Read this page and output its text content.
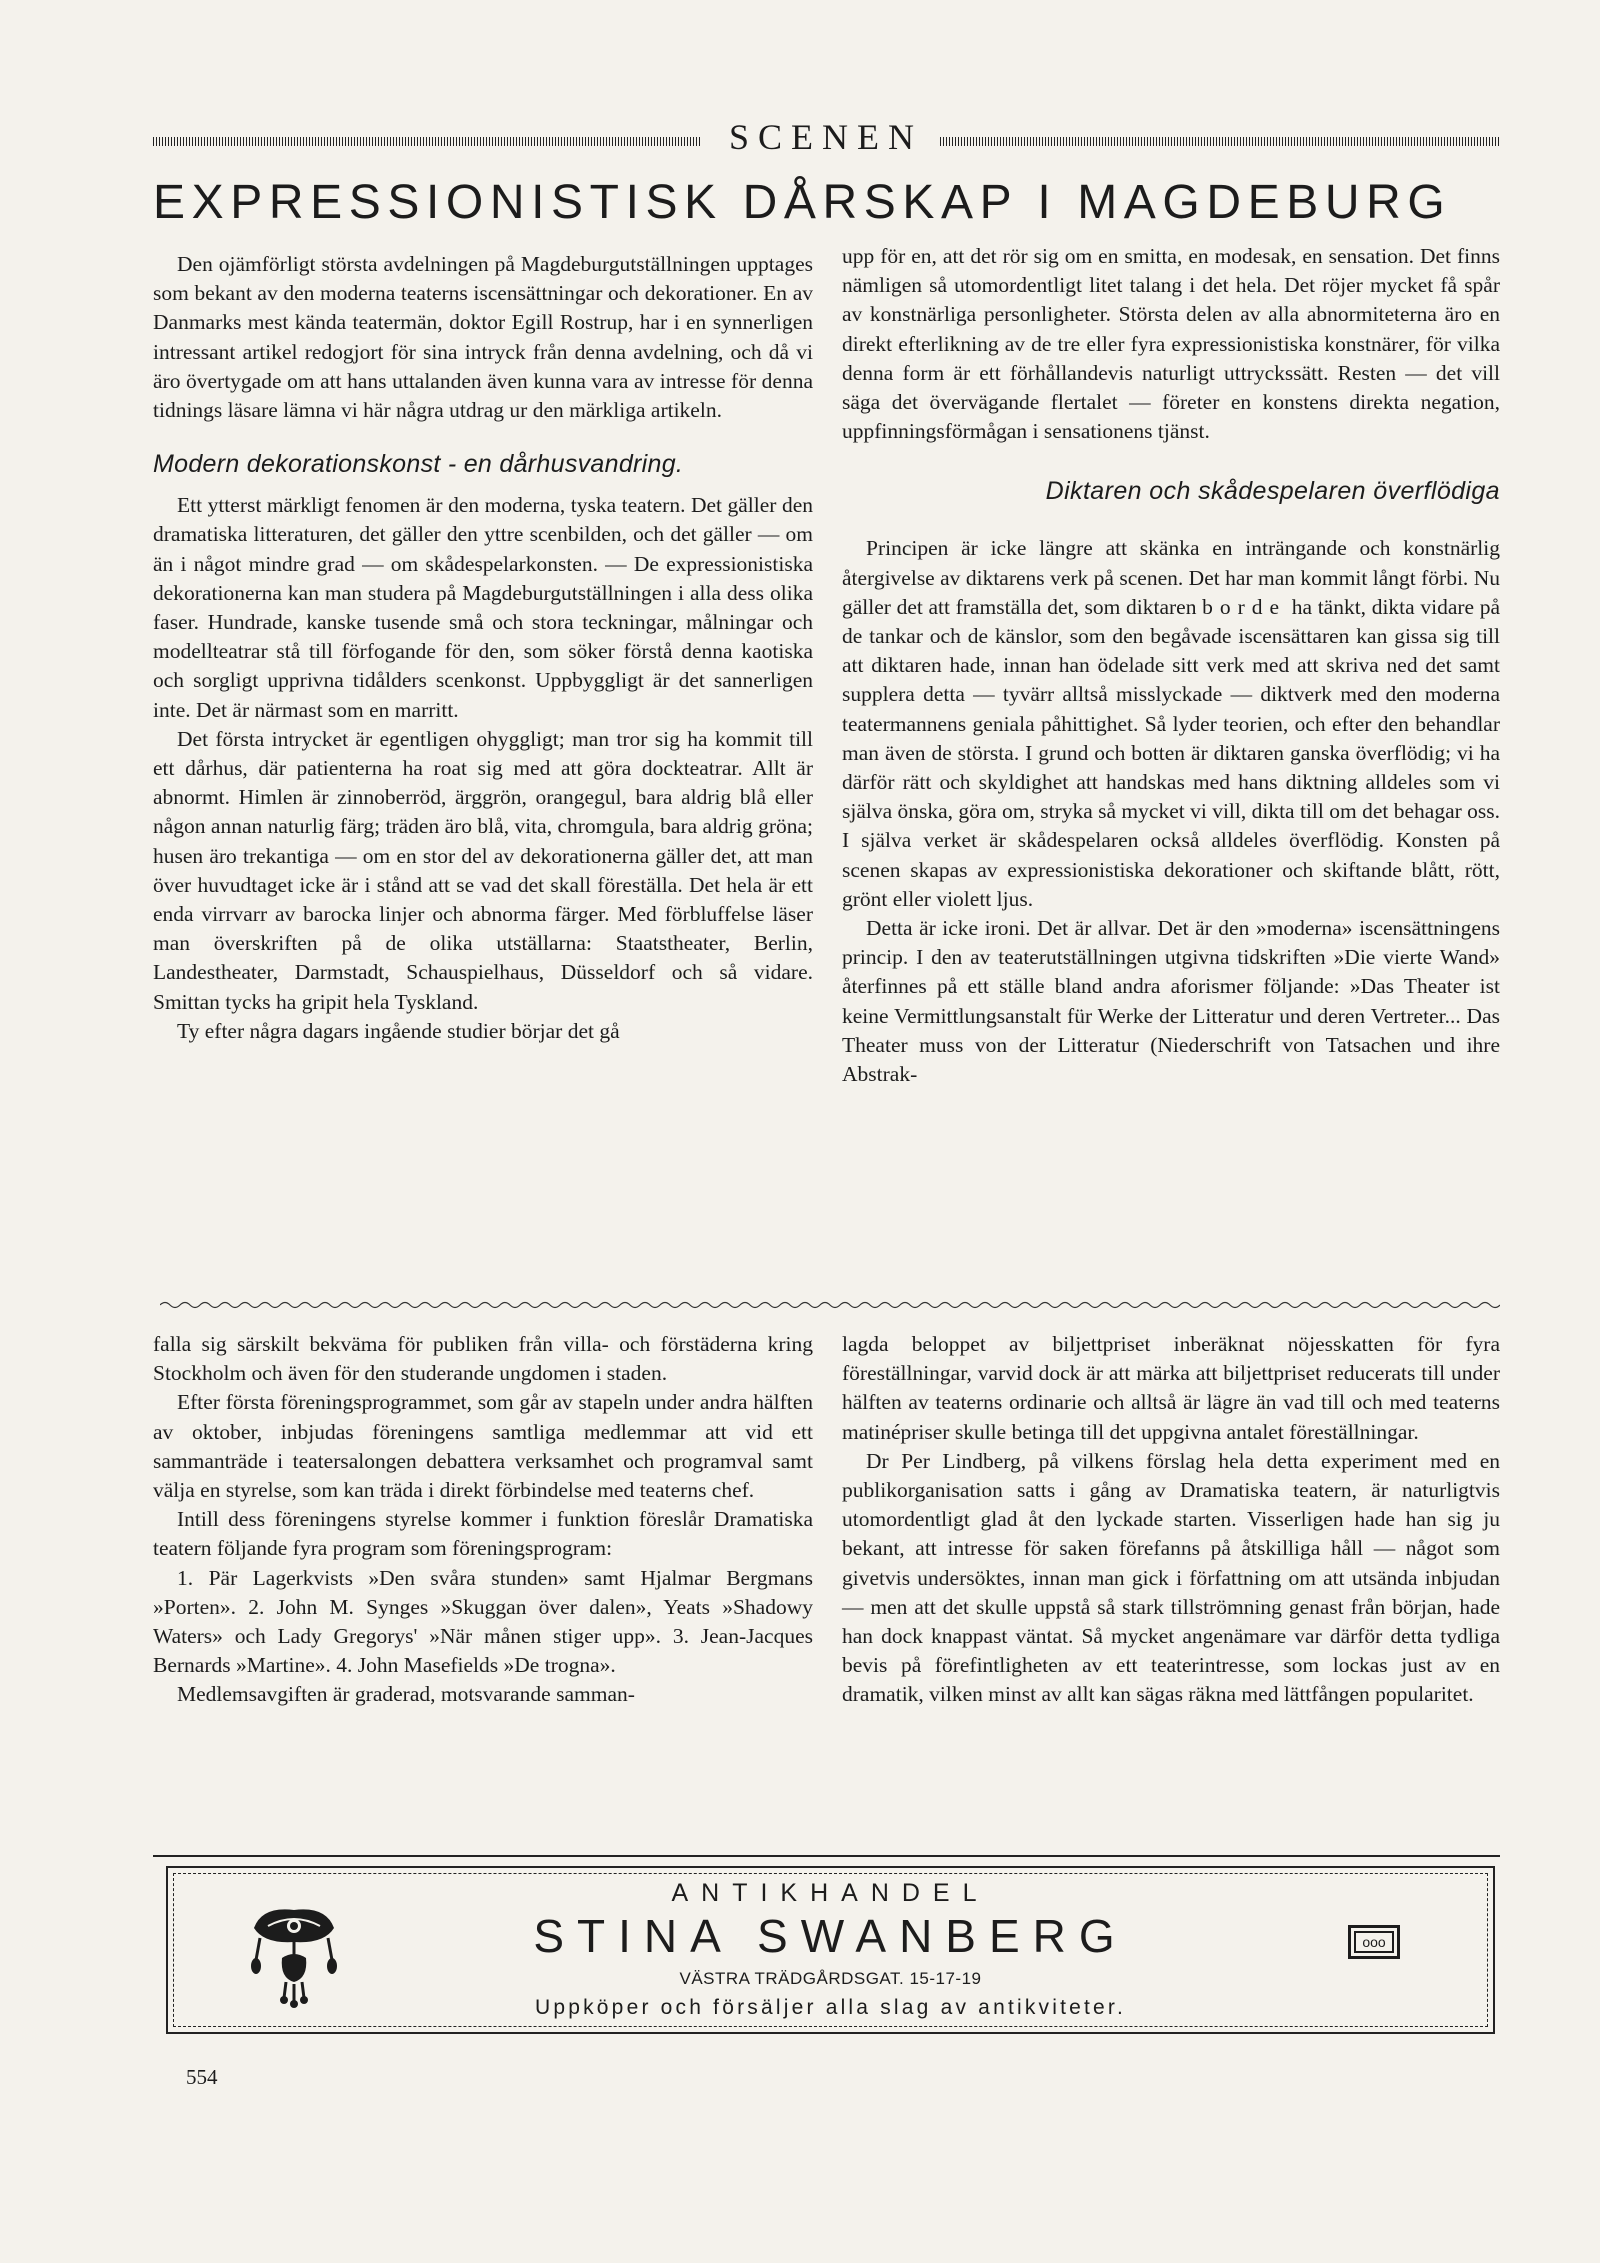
SCENEN
EXPRESSIONISTISK DÅRSKAP I MAGDEBURG

Den ojämförligt största avdelningen på Magdeburgutställningen upptages som bekant av den moderna teaterns iscensättningar och dekorationer. En av Danmarks mest kända teatermän, doktor Egill Rostrup, har i en synnerligen intressant artikel redogjort för sina intryck från denna avdelning, och då vi äro övertygade om att hans uttalanden även kunna vara av intresse för denna tidnings läsare lämna vi här några utdrag ur den märkliga artikeln.

Modern dekorationskonst - en dårhusvandring.

Ett ytterst märkligt fenomen är den moderna, tyska teatern. Det gäller den dramatiska litteraturen, det gäller den yttre scenbilden, och det gäller — om än i något mindre grad — om skådespelarkonsten. — De expressionistiska dekorationerna kan man studera på Magdeburgutställningen i alla dess olika faser. Hundrade, kanske tusende små och stora teckningar, målningar och modellteatrar stå till förfogande för den, som söker förstå denna kaotiska och sorgligt upprivna tidålders scenkonst. Uppbyggligt är det sannerligen inte. Det är närmast som en marritt.

Det första intrycket är egentligen ohyggligt; man tror sig ha kommit till ett dårhus, där patienterna ha roat sig med att göra dockteatrar. Allt är abnormt. Himlen är zinnoberröd, ärggrön, orangegul, bara aldrig blå eller någon annan naturlig färg; träden äro blå, vita, chromgula, bara aldrig gröna; husen äro trekantiga — om en stor del av dekorationerna gäller det, att man över huvudtaget icke är i stånd att se vad det skall föreställa. Det hela är ett enda virrvarr av barocka linjer och abnorma färger. Med förbluffelse läser man överskriften på de olika utställarna: Staatstheater, Berlin, Landestheater, Darmstadt, Schauspielhaus, Düsseldorf och så vidare. Smittan tycks ha gripit hela Tyskland.

Ty efter några dagars ingående studier börjar det gå

upp för en, att det rör sig om en smitta, en modesak, en sensation. Det finns nämligen så utomordentligt litet talang i det hela. Det röjer mycket få spår av konstnärliga personligheter. Största delen av alla abnormiteterna äro en direkt efterlikning av de tre eller fyra expressionistiska konstnärer, för vilka denna form är ett förhållandevis naturligt uttryckssätt. Resten — det vill säga det övervägande flertalet — företer en konstens direkta negation, uppfinningsförmågan i sensationens tjänst.

Diktaren och skådespelaren överflödiga

Principen är icke längre att skänka en inträngande och konstnärlig återgivelse av diktarens verk på scenen. Det har man kommit långt förbi. Nu gäller det att framställa det, som diktaren borde ha tänkt, dikta vidare på de tankar och de känslor, som den begåvade iscensättaren kan gissa sig till att diktaren hade, innan han ödelade sitt verk med att skriva ned det samt supplera detta — tyvärr alltså misslyckade — diktverk med den moderna teatermannens geniala påhittighet. Så lyder teorien, och efter den behandlar man även de största. I grund och botten är diktaren ganska överflödig; vi ha därför rätt och skyldighet att handskas med hans diktning alldeles som vi själva önska, göra om, stryka så mycket vi vill, dikta till om det behagar oss. I själva verket är skådespelaren också alldeles överflödig. Konsten på scenen skapas av expressionistiska dekorationer och skiftande blått, rött, grönt eller violett ljus.

Detta är icke ironi. Det är allvar. Det är den »moderna» iscensättningens princip. I den av teaterutställningen utgivna tidskriften »Die vierte Wand» återfinnes på ett ställe bland andra aforismer följande: »Das Theater ist keine Vermittlungsanstalt für Werke der Litteratur und deren Vertreter... Das Theater muss von der Litteratur (Niederschrift von Tatsachen und ihre Abstrak-

falla sig särskilt bekväma för publiken från villa- och förstäderna kring Stockholm och även för den studerande ungdomen i staden.

Efter första föreningsprogrammet, som går av stapeln under andra hälften av oktober, inbjudas föreningens samtliga medlemmar att vid ett sammanträde i teatersalongen debattera verksamhet och programval samt välja en styrelse, som kan träda i direkt förbindelse med teaterns chef.

Intill dess föreningens styrelse kommer i funktion föreslår Dramatiska teatern följande fyra program som föreningsprogram:

1. Pär Lagerkvists »Den svåra stunden» samt Hjalmar Bergmans »Porten». 2. John M. Synges »Skuggan över dalen», Yeats »Shadowy Waters» och Lady Gregorys' »När månen stiger upp». 3. Jean-Jacques Bernards »Martine». 4. John Masefields »De trogna».

Medlemsavgiften är graderad, motsvarande samman-

lagda beloppet av biljettpriset inberäknat nöjesskatten för fyra föreställningar, varvid dock är att märka att biljettpriset reducerats till under hälften av teaterns ordinarie och alltså är lägre än vad till och med teaterns matinépriser skulle betinga till det uppgivna antalet föreställningar.

Dr Per Lindberg, på vilkens förslag hela detta experiment med en publikorganisation satts i gång av Dramatiska teatern, är naturligtvis utomordentligt glad åt den lyckade starten. Visserligen hade han sig ju bekant, att intresse för saken förefanns på åtskilliga håll — något som givetvis undersöktes, innan man gick i författning om att utsända inbjudan — men att det skulle uppstå så stark tillströmning genast från början, hade han dock knappast väntat. Så mycket angenämare var därför detta tydliga bevis på förefintligheten av ett teaterintresse, som lockas just av en dramatik, vilken minst av allt kan sägas räkna med lättfången popularitet.

ANTIKHANDEL
STINA SWANBERG
VÄSTRA TRÄDGÅRDSGAT. 15-17-19
Uppköper och försäljer alla slag av antikviteter.
ooo
554
